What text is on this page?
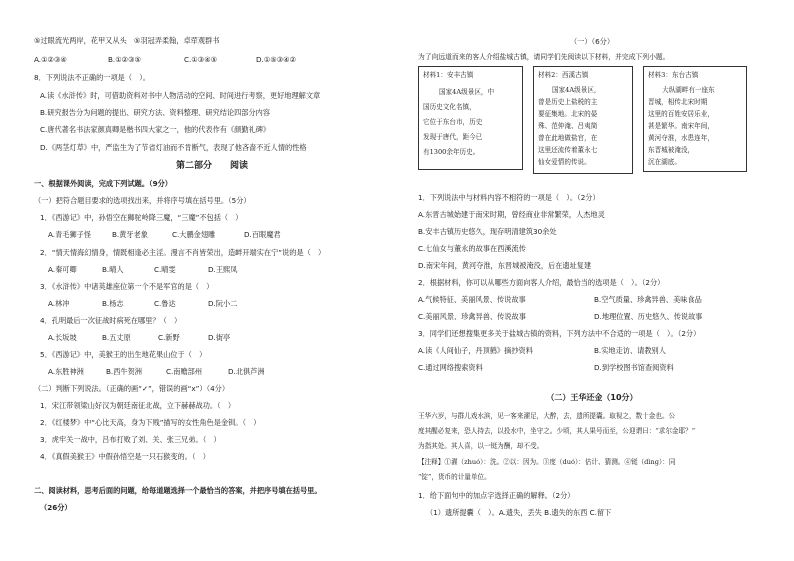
⑤过眼流光两岸，花甲又从头　⑤羽冠弄柔翰，卓荦观群书
A.①②③④	B.①②③⑤	C.①③④⑤	D.①⑤③④②
8．下列说法不正确的一项是（　）。
A.读《水浒传》时，可借助资料对书中人物活动的空间、时间进行考察，更好地理解文章
B.研究报告分为问题的提出、研究方法、资料整理、研究结论四部分内容
C.唐代著名书法家颜真卿是楷书四大家之一，他的代表作有《颜勤礼碑》
D.《两茎灯草》中，严监生为了节省灯油而不肯断气，表现了他吝啬不近人情的性格
第二部分　　阅读
一、根据课外阅读，完成下列试题。（9分）
（一）把符合题目要求的选项找出来，并将序号填在括号里。（5分）
1．《西游记》中，孙悟空在狮驼岭降三魔，“三魔”不包括（　）
A.青毛狮子怪	B.黄牙老象	C.大鹏金翅雕	D.百眼魔君
2．“情天情海幻情身，情既相逢必主淫。漫言不肖皆荣出，造衅开端实在宁”说的是（　）
A.秦可卿	B.晴人	C.晴雯	D.王熙凤
3．《水浒传》中诸英雄座位第一个不是军官的是（　）
A.林冲	B.杨志	C.鲁达	D.阮小二
4．孔明最后一次征战时病死在哪里？（　）
A.长坂坡	B.五丈原	C.新野	D.街亭
5．《西游记》中，美猴王的出生地花果山位于（　）
A.东胜神洲	B.西牛贺洲	C.南赡部州	D.北俱芦洲
（二）判断下列说法。（正确的画“✓”，错误的画“x”）（4分）
1．宋江带领梁山好汉为朝廷南征北战，立下赫赫战功。（　）
2．《红楼梦》中“心比天高，身为下贱”描写的女性角色是金钏。（　）
3．虎牢关一战中，吕布打败了刘、关、张三兄弟。（　）
4．《真假美猴王》中假孙悟空是一只石猴变的。（　）
二、阅读材料，思考后面的问题，给每道题选择一个最恰当的答案，并把序号填在括号里。
（26分）
（一）（6分）
为了向远道而来的客人介绍盐城古镇，请同学们先阅读以下材料，并完成下列小题。
材料1：安丰古镇
国家4A级景区，中
国历史文化名镇，
它位于东台市，历史
发现于唐代，距今已
有1300余年历史。
材料2：西溪古镇
国家4A级景区，
曾是历史上盐税的主
要征集地。北宋的晏
殊、范仲淹、吕夷简
曾在此地做盐官，在
这里还流传着董永七
仙女爱情的传说。
材料3：东台古镇
大纵湖畔有一座东
晋城，相传北宋时期
这里的百姓安居乐业，
甚是繁华。南宋年间，
黄河夺淮，水患连年，
东晋城被淹没，
沉在湖底。
1．下列说法中与材料内容不相符的一项是（　）。（2分）
A.东晋古城始建于南宋时期，曾经商业非常繁荣，人杰地灵
B.安丰古镇历史悠久，现存明清建筑30余处
C.七仙女与董永的故事在西溪流传
D.南宋年间，黄河夺淮，东晋城被淹没，后在遗址复建
2．根据材料，你可以从哪些方面向客人介绍，最恰当的选项是（　）。（2分）
A.气候特征、美丽风景、传说故事	B.空气质量、珍禽异兽、美味食品
C.美丽风景、珍禽异兽、传说故事	D.地理位置、历史悠久、传说故事
3．同学们还想搜集更多关于盐城古镇的资料，下列方法中不合适的一项是（　）。（2分）
A.读《人间仙子，丹顶鹤》摘抄资料	B.实地走访、请教别人
C.通过网络搜索资料	D.到学校图书馆查阅资料
（二）王华还金（10分）
王华六岁，与群儿戏水滨，见一客来濯足，大醉，去，遗所提囊。取视之，数十金也。公
度其醒必复来，恐人持去，以投水中，坐守之。少顷，其人果号而至，公迎谓曰：“求尔金耶？”
为指其处。其人喜，以一铤为酬，却不受。
【注释】①濯（zhuó）：洗。②以：因为。③度（duó）：估计、猜测。④铤（dìng）：同
“锭”，货币的计量单位。
1．给下面句中的加点字选择正确的解释。（2分）
（1）遗所提囊（　）。A.遗失，丢失 B.遗失的东西 C.留下
